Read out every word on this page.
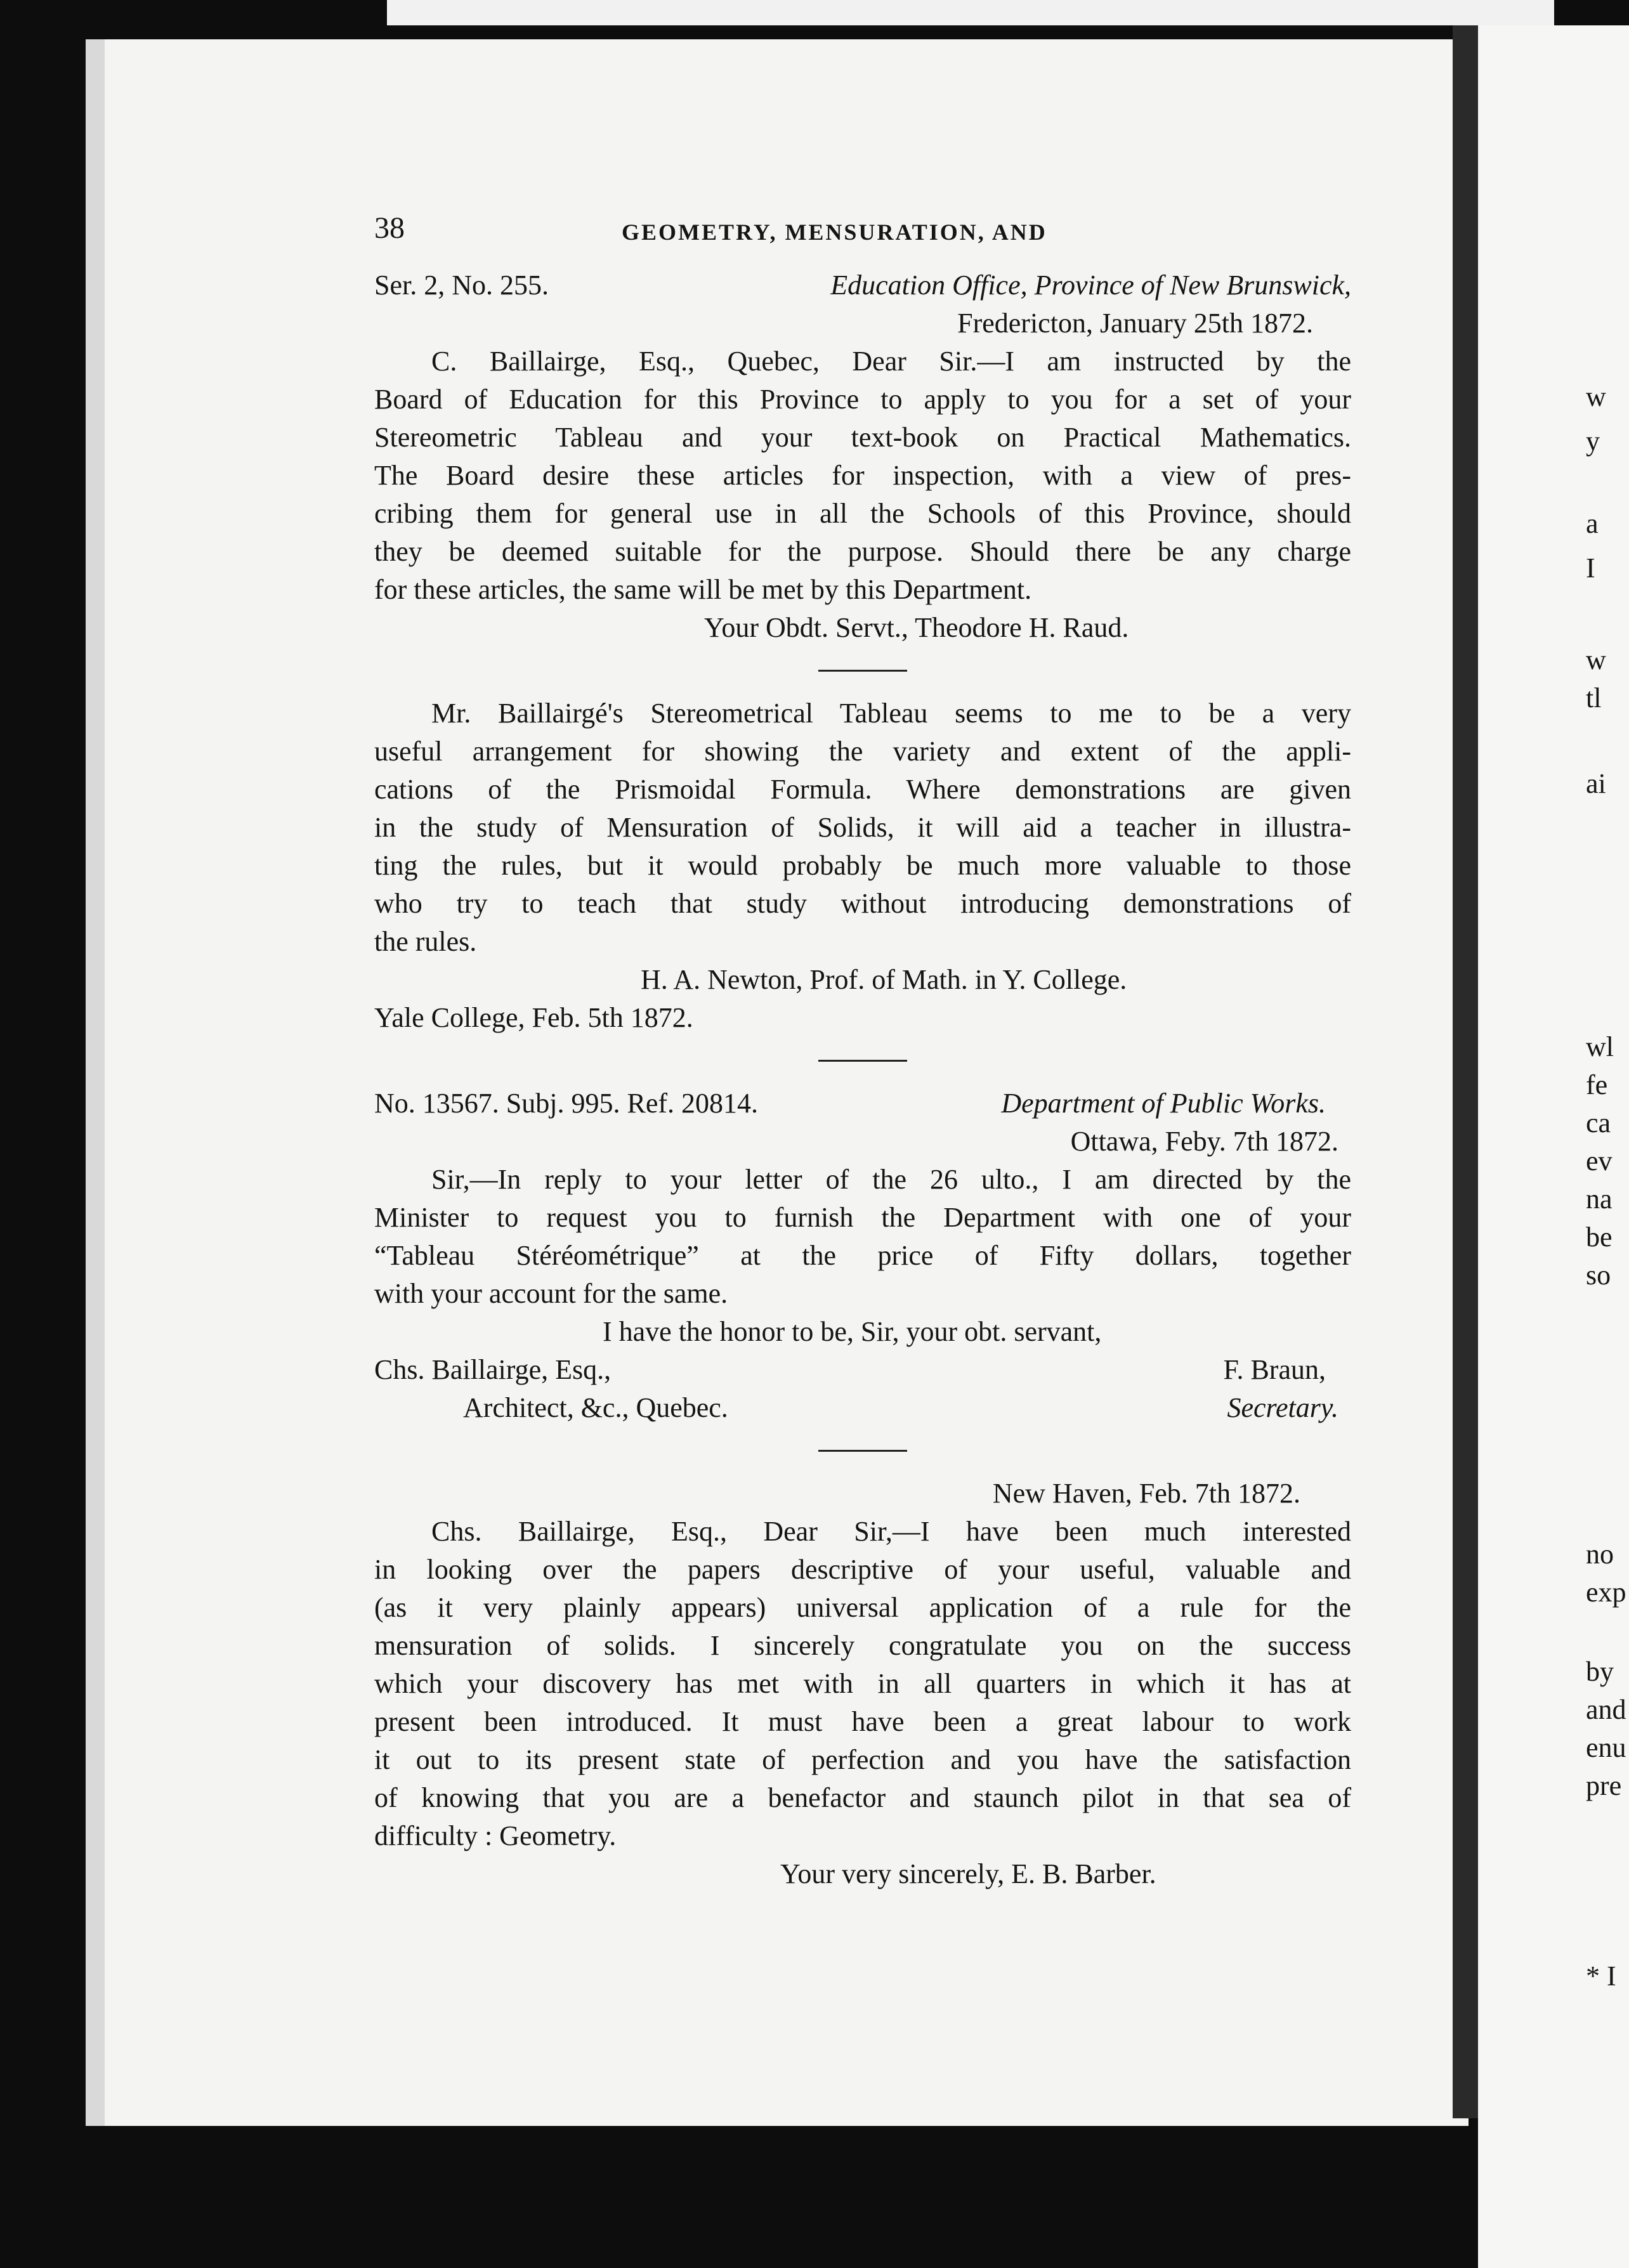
w
y
a
I
w
tl
ai
wl
fe
ca
ev
na
be
so
no
exp
by
and
enu
pre
* I
38	GEOMETRY, MENSURATION, AND
Ser. 2, No. 255.	Education Office, Province of New Brunswick,
Fredericton, January 25th 1872.
C. Baillairge, Esq., Quebec, Dear Sir.—I am instructed by the
Board of Education for this Province to apply to you for a set of your
Stereometric Tableau and your text-book on Practical Mathematics.
The Board desire these articles for inspection, with a view of pres-
cribing them for general use in all the Schools of this Province, should
they be deemed suitable for the purpose. Should there be any charge
for these articles, the same will be met by this Department.
Your Obdt. Servt., Theodore H. Raud.
Mr. Baillairgé's Stereometrical Tableau seems to me to be a very
useful arrangement for showing the variety and extent of the appli-
cations of the Prismoidal Formula. Where demonstrations are given
in the study of Mensuration of Solids, it will aid a teacher in illustra-
ting the rules, but it would probably be much more valuable to those
who try to teach that study without introducing demonstrations of
the rules.
H. A. Newton, Prof. of Math. in Y. College.
Yale College, Feb. 5th 1872.
No. 13567. Subj. 995. Ref. 20814.	Department of Public Works.
Ottawa, Feby. 7th 1872.
Sir,—In reply to your letter of the 26 ulto., I am directed by the
Minister to request you to furnish the Department with one of your
“Tableau Stéréométrique” at the price of Fifty dollars, together
with your account for the same.
I have the honor to be, Sir, your obt. servant,
Chs. Baillairge, Esq.,	F. Braun,
Architect, &c., Quebec.	Secretary.
New Haven, Feb. 7th 1872.
Chs. Baillairge, Esq., Dear Sir,—I have been much interested
in looking over the papers descriptive of your useful, valuable and
(as it very plainly appears) universal application of a rule for the
mensuration of solids. I sincerely congratulate you on the success
which your discovery has met with in all quarters in which it has at
present been introduced. It must have been a great labour to work
it out to its present state of perfection and you have the satisfaction
of knowing that you are a benefactor and staunch pilot in that sea of
difficulty : Geometry.
Your very sincerely, E. B. Barber.
